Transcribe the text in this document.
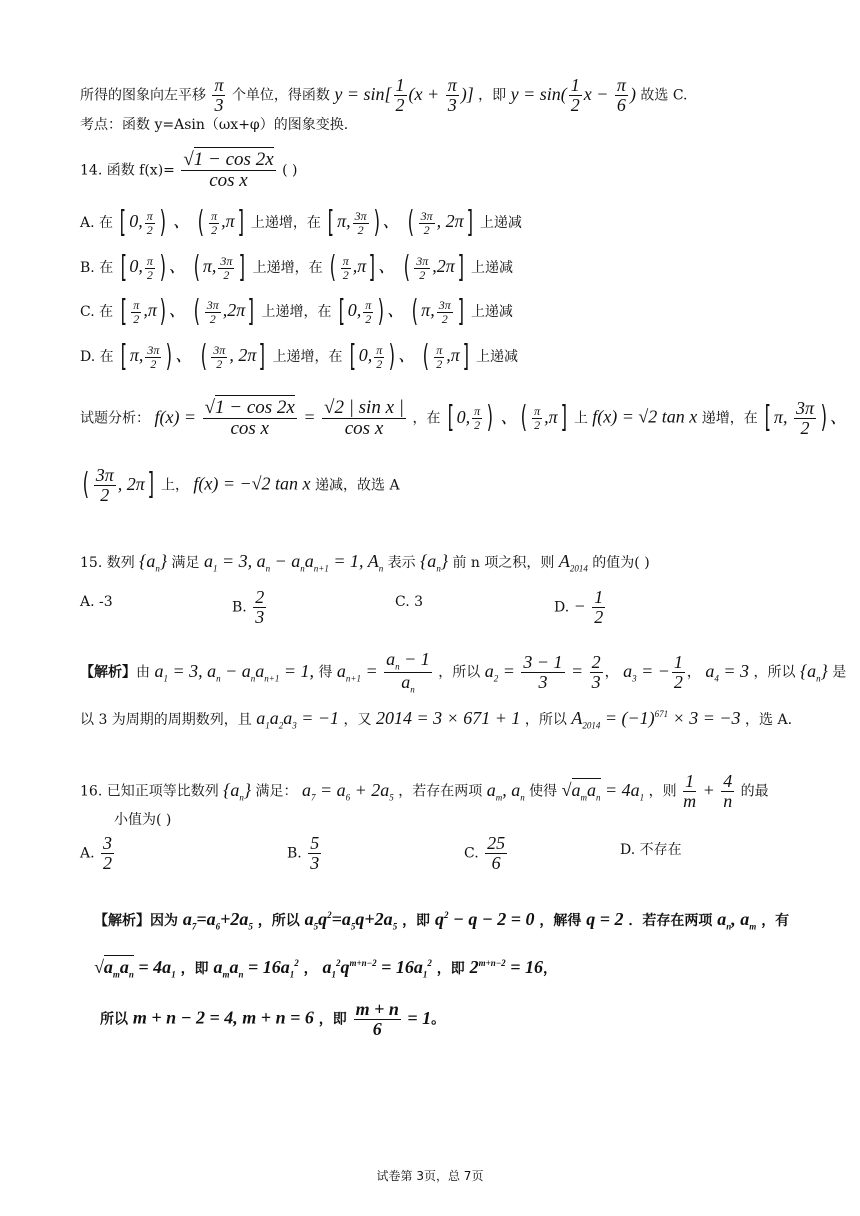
所得的图象向左平移 $\frac{\pi}{3}$ 个单位，得函数 $y = \sin[ \frac{1}{2} (x + \frac{\pi}{3}$ )] ，即 $y = \sin( \frac{1}{2}$ $x - \frac{\pi}{6}$ ) 故选 C.
考点：函数 y=Asin（ωx+φ）的图象变换.
14. 函数 $f(x)= \frac{√1 - \cos 2x}{\text{cos x}}$ ( )
A. 在 [ 0, $\frac{\pi}{2}$ ) 、 ( $\frac{\pi}{2} ,\pi$] 上递增，在 [ π, $\frac{3\pi}{2}$ ) 、 ( $\frac{3\pi}{2}$ , 2π] 上递减
B. 在 [ 0, $\frac{\pi}{2}$ ) 、 ( π, $\frac{3\pi}{2}$ ] 上递增，在 ( $\frac{\pi}{2} ,\pi$] 、 ( $\frac{3\pi}{2} ,2\pi$] 上递减
C. 在 [ $\frac{\pi}{2} ,\pi$) 、 ( $\frac{3\pi}{2} ,2\pi$] 上递增，在 [ 0, $\frac{\pi}{2}$ ) 、 ( π, $\frac{3\pi}{2}$ ] 上递减
D. 在 [ π, $\frac{3\pi}{2}$ ) 、 ( $\frac{3\pi}{2}$ , 2π] 上递增，在 [ 0, $\frac{\pi}{2}$ ) 、 ( $\frac{\pi}{2} ,\pi$] 上递减
试题分析： $f(x) = \frac{√1 - \cos 2x}{\text{cos x}} = \frac{\text{√2 | sin x |}}{\text{cos x}}$ ，在 [ 0, $\frac{\pi}{2}$ ) 、( $\frac{\pi}{2} ,\pi$] 上 f(x) = √2 tan x 递增，在 [ π, $\frac{3\pi}{2}$ ) 、
( $\frac{3\pi}{2}$ , 2π] 上， f(x) = −√2 tan x 递减，故选 A
15. 数列 $\{a_n\}$ 满足 $a_1 = 3$, $a_n - a_na_{n+1} = 1$, $A_n$ 表示 $\{a_n\}$ 前 n 项之积，则 $A_{2014}$ 的值为( )
A. -3	B. $\frac{2}{3}$	C. 3	D. − $\frac{1}{2}$
【解析】由 $a_1 = 3$, $a_n - a_na_{n+1} = 1$, 得 $a_{n+1} = \frac{a_n - 1}{a_n}$ ，所以 $a_2 = \frac{3 - 1}{3} = \frac{2}{3}$ ， $a_3$ = − $\frac{1}{2}$ ， $a_4 = 3$ ，所以 $\{a_n\}$ 是
以 3 为周期的周期数列，且 $a_1a_2a_3 = -1$ ，又 2014 = 3 × 671 + 1 ，所以 $A_{2014} = (-1)^{671} \times 3 = -3$ ，选 A.
16. 已知正项等比数列 $\{a_n\}$ 满足： $a_7 = a_6 + 2a_5$ ，若存在两项 $a_m$, $a_n$ 使得 $√a_ma_n = 4a_1$ ，则 $\frac{1}{m} + \frac{4}{n}$ 的最
小值为( )
A. $\frac{3}{2}$	B. $\frac{5}{3}$	C. $\frac{25}{6}$	D. 不存在
【解析】因为 $a_7=a_6+2a_5$ ，所以 $a_5q^2=a_5q+2a_5$ ，即 $q^2 - q - 2 = 0$ ，解得 q = 2 ．若存在两项 $a_n$, $a_m$ ，有
$√a_ma_n = 4a_1$ ，即 $a_ma_n = 16a_1^2$ ， $a_1^2q^{m+n-2} = 16a_1^2$ ，即 $2^{m+n-2} = 16$，
所以 m + n − 2 = 4, m + n = 6 ，即 $\frac{m + n}{6} = 1$。
试卷第 3页，总 7页
